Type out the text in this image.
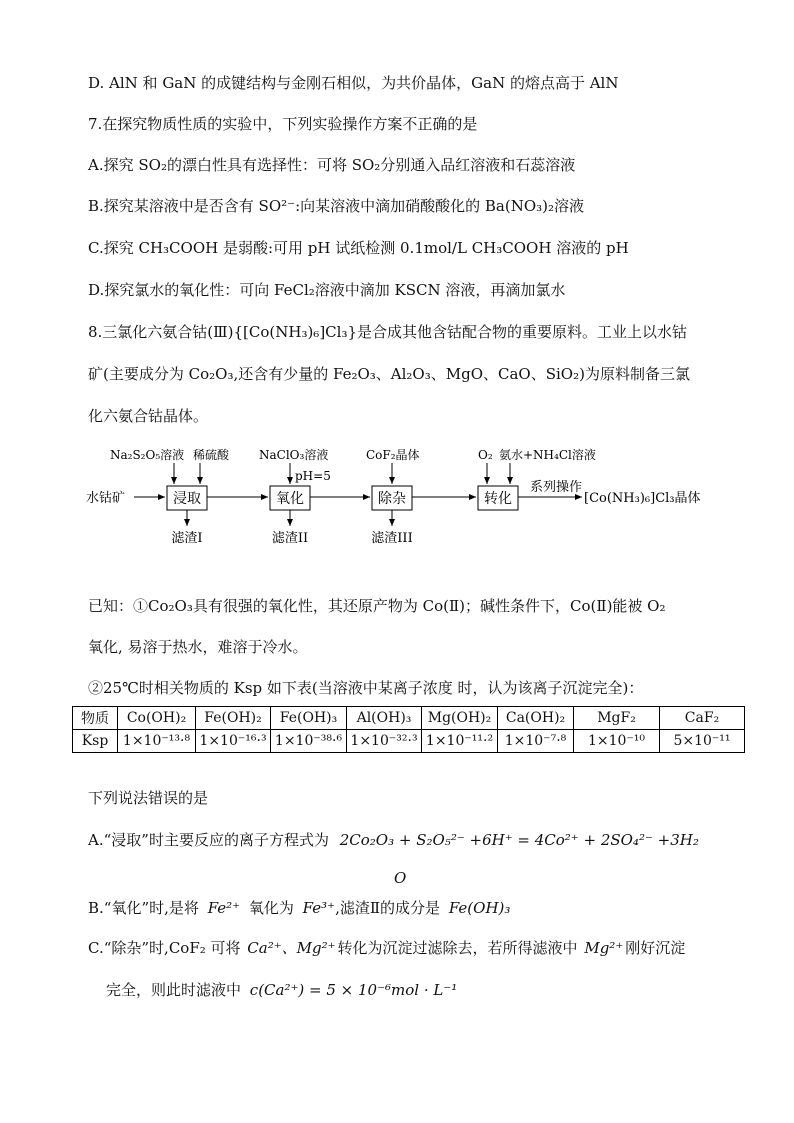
D. AlN 和 GaN 的成键结构与金刚石相似，为共价晶体，GaN 的熔点高于 AlN
7.在探究物质性质的实验中，下列实验操作方案不正确的是
A.探究 SO₂的漂白性具有选择性：可将 SO₂分别通入品红溶液和石蕊溶液
B.探究某溶液中是否含有 SO²⁻:向某溶液中滴加硝酸酸化的 Ba(NO₃)₂溶液
C.探究 CH₃COOH 是弱酸:可用 pH 试纸检测 0.1mol/L CH₃COOH 溶液的 pH
D.探究氯水的氧化性：可向 FeCl₂溶液中滴加 KSCN 溶液，再滴加氯水
8.三氯化六氨合钴(Ⅲ){[Co(NH₃)₆]Cl₃}是合成其他含钴配合物的重要原料。工业上以水钴
矿(主要成分为 Co₂O₃,还含有少量的 Fe₂O₃、Al₂O₃、MgO、CaO、SiO₂)为原料制备三氯
化六氨合钴晶体。
水钴矿	浸取	氧化	除杂	转化
Na₂S₂O₅溶液 稀硫酸 NaClO₃溶液
pH=5
CoF₂晶体	O₂ 氨水+NH₄Cl溶液
滤渣I	滤渣II	滤渣III
系列操作
[Co(NH₃)₆]Cl₃晶体
已知：①Co₂O₃具有很强的氧化性，其还原产物为 Co(Ⅱ)；碱性条件下，Co(Ⅱ)能被 O₂
氧化, 易溶于热水，难溶于冷水。
②25℃时相关物质的 Ksp 如下表(当溶液中某离子浓度 时，认为该离子沉淀完全)：
物质	Co(OH)₂	Fe(OH)₂	Fe(OH)₃	Al(OH)₃	Mg(OH)₂	Ca(OH)₂	MgF₂	CaF₂
Ksp	1×10⁻¹³·⁸	1×10⁻¹⁶·³	1×10⁻³⁸·⁶	1×10⁻³²·³	1×10⁻¹¹·²	1×10⁻⁷·⁸	1×10⁻¹⁰	5×10⁻¹¹
下列说法错误的是
A.“浸取”时主要反应的离子方程式为 2Co₂O₃ + S₂O₅²⁻ +6H⁺ = 4Co²⁺ + 2SO₄²⁻ +3H₂
O
B.“氧化”时,是将 Fe²⁺ 氧化为 Fe³⁺,滤渣Ⅱ的成分是 Fe(OH)₃
C.“除杂”时,CoF₂ 可将 Ca²⁺、Mg²⁺ 转化为沉淀过滤除去，若所得滤液中 Mg²⁺ 刚好沉淀
完全，则此时滤液中 c(Ca²⁺) = 5 × 10⁻⁶mol · L⁻¹
